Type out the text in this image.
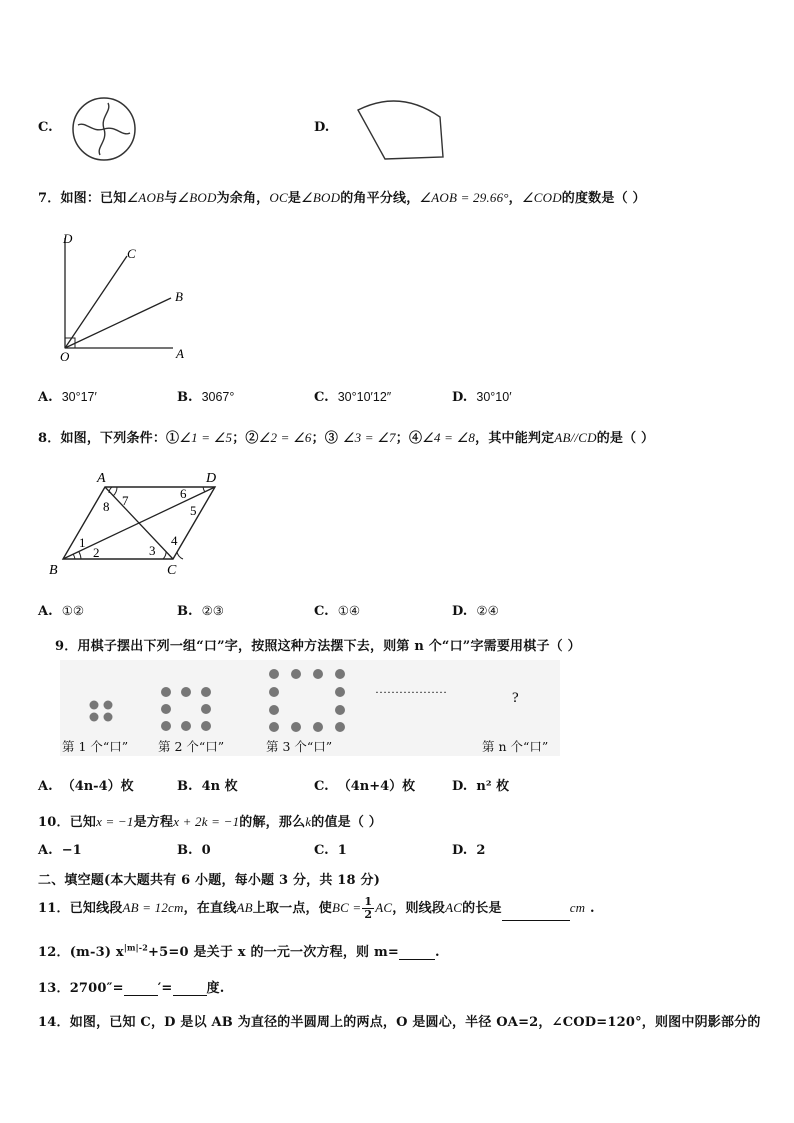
C.	D.
7．如图：已知∠AOB与∠BOD为余角，OC是∠BOD的角平分线，∠AOB = 29.66°，∠COD的度数是（ ）
D
C
B
O	A
A. 30°17′	B. 3067°	C. 30°10′12″	D. 30°10′
8．如图，下列条件：①∠1 = ∠5；②∠2 = ∠6；③ ∠3 = ∠7；④∠4 = ∠8，其中能判定AB//CD的是（ ）
A	D
B	C
1
2	3
4
5
6
7
8
A. ①②	B. ②③	C. ①④	D. ②④
9．用棋子摆出下列一组“口”字，按照这种方法摆下去，则第 n 个“口”字需要用棋子（ ）
………………
?
第 1 个“口” 第 2 个“口”	第 3 个“口”	第 n 个“口”
A. （4n-4）枚	B. 4n 枚	C. （4n+4）枚	D. n² 枚
10．已知x = −1是方程x + 2k = −1的解，那么k的值是（ ）
A. −1	B. 0	C. 1	D. 2
二、填空题(本大题共有 6 小题，每小题 3 分，共 18 分)
11．已知线段AB = 12cm，在直线AB上取一点，使BC = $\frac{1}{2}$ AC，则线段AC的长是	cm .
12．(m-3) $x^{|m|-2}+5=0$ 是关于 x 的一元一次方程，则 m=	.
13．2700″=	′=	度.
14．如图，已知 C，D 是以 AB 为直径的半圆周上的两点，O 是圆心，半径 OA=2，∠COD=120°，则图中阴影部分的
